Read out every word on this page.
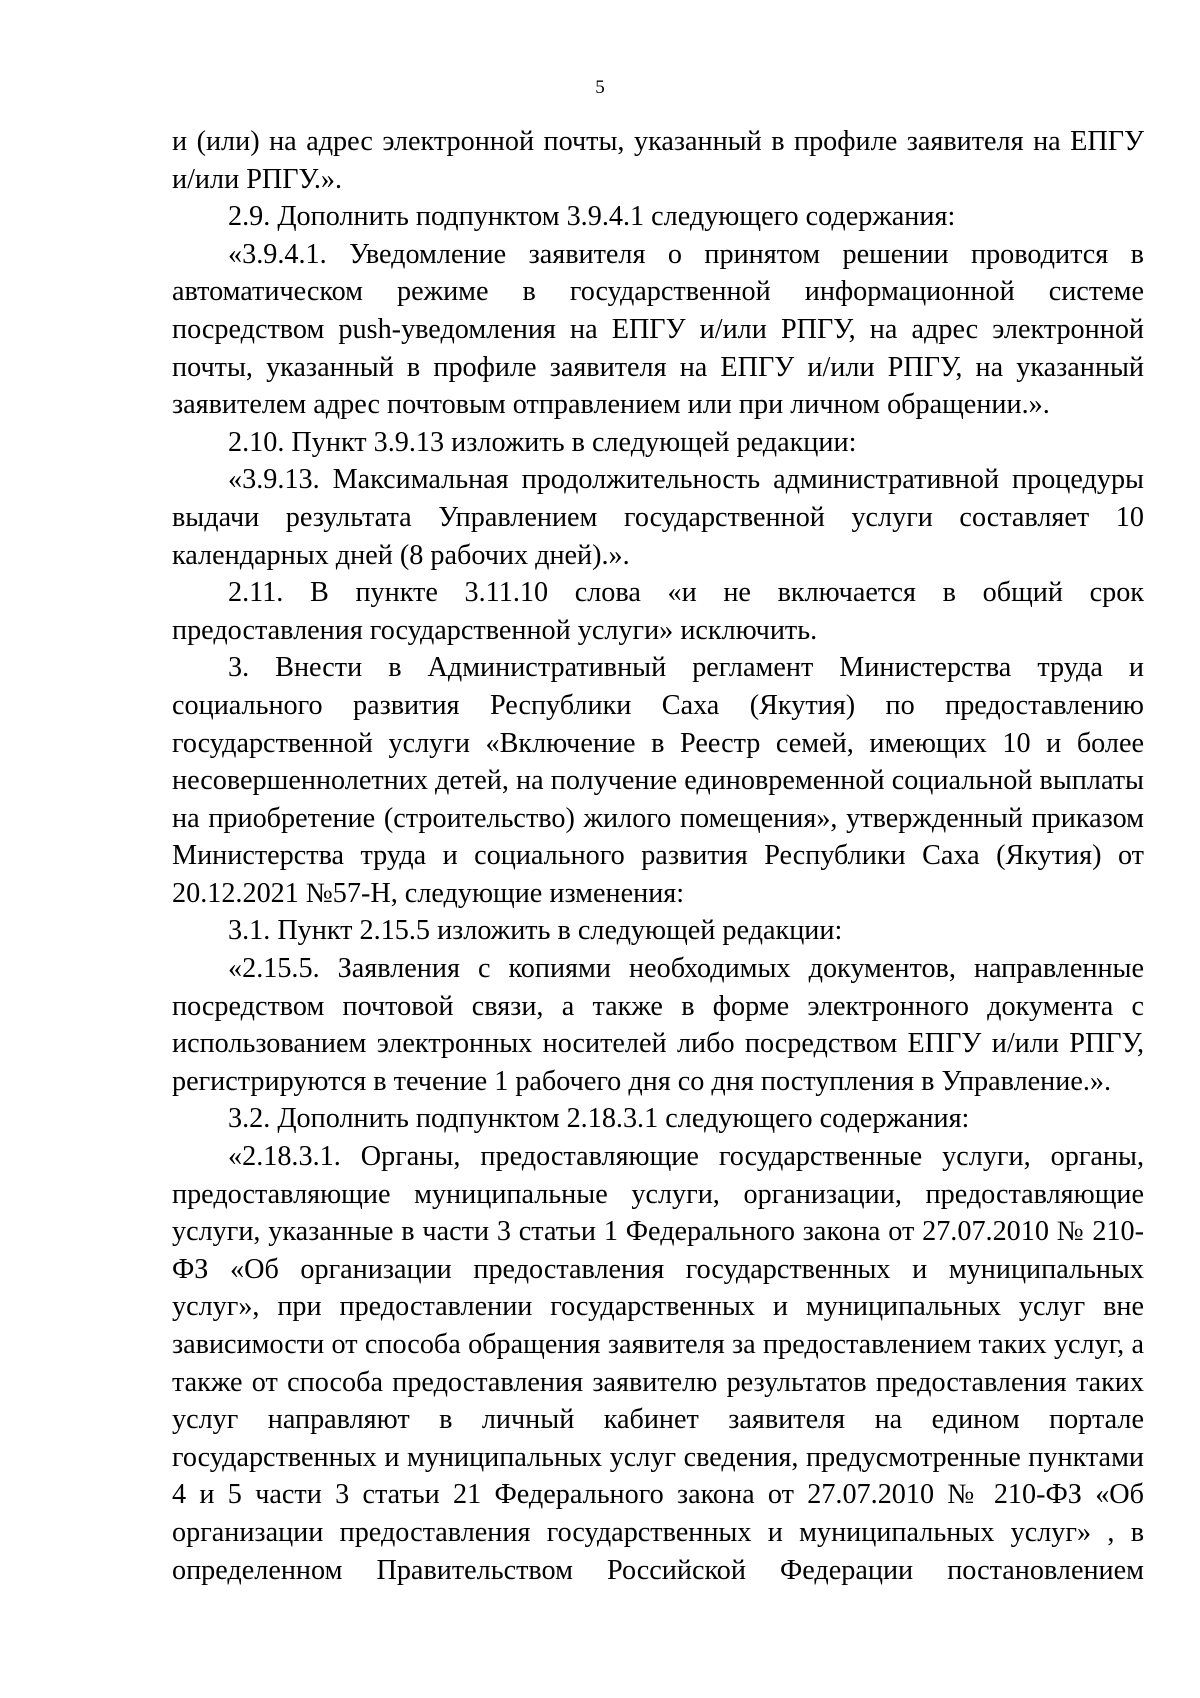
5

и (или) на адрес электронной почты, указанный в профиле заявителя на ЕПГУ и/или РПГУ.».

2.9. Дополнить подпунктом 3.9.4.1 следующего содержания:

«3.9.4.1. Уведомление заявителя о принятом решении проводится в автоматическом режиме в государственной информационной системе посредством push-уведомления на ЕПГУ и/или РПГУ, на адрес электронной почты, указанный в профиле заявителя на ЕПГУ и/или РПГУ, на указанный заявителем адрес почтовым отправлением или при личном обращении.».

2.10. Пункт 3.9.13 изложить в следующей редакции:

«3.9.13. Максимальная продолжительность административной процедуры выдачи результата Управлением государственной услуги составляет 10 календарных дней (8 рабочих дней).».

2.11. В пункте 3.11.10 слова «и не включается в общий срок предоставления государственной услуги» исключить.

3. Внести в Административный регламент Министерства труда и социального развития Республики Саха (Якутия) по предоставлению государственной услуги «Включение в Реестр семей, имеющих 10 и более несовершеннолетних детей, на получение единовременной социальной выплаты на приобретение (строительство) жилого помещения», утвержденный приказом Министерства труда и социального развития Республики Саха (Якутия) от 20.12.2021 №57-Н, следующие изменения:

3.1. Пункт 2.15.5 изложить в следующей редакции:

«2.15.5. Заявления с копиями необходимых документов, направленные посредством почтовой связи, а также в форме электронного документа с использованием электронных носителей либо посредством ЕПГУ и/или РПГУ, регистрируются в течение 1 рабочего дня со дня поступления в Управление.».

3.2. Дополнить подпунктом 2.18.3.1 следующего содержания:

«2.18.3.1. Органы, предоставляющие государственные услуги, органы, предоставляющие муниципальные услуги, организации, предоставляющие услуги, указанные в части 3 статьи 1 Федерального закона от 27.07.2010 № 210-ФЗ «Об организации предоставления государственных и муниципальных услуг», при предоставлении государственных и муниципальных услуг вне зависимости от способа обращения заявителя за предоставлением таких услуг, а также от способа предоставления заявителю результатов предоставления таких услуг направляют в личный кабинет заявителя на едином портале государственных и муниципальных услуг сведения, предусмотренные пунктами 4 и 5 части 3 статьи 21 Федерального закона от 27.07.2010 № 210-ФЗ «Об организации предоставления государственных и муниципальных услуг» , в определенном Правительством Российской Федерации постановлением
